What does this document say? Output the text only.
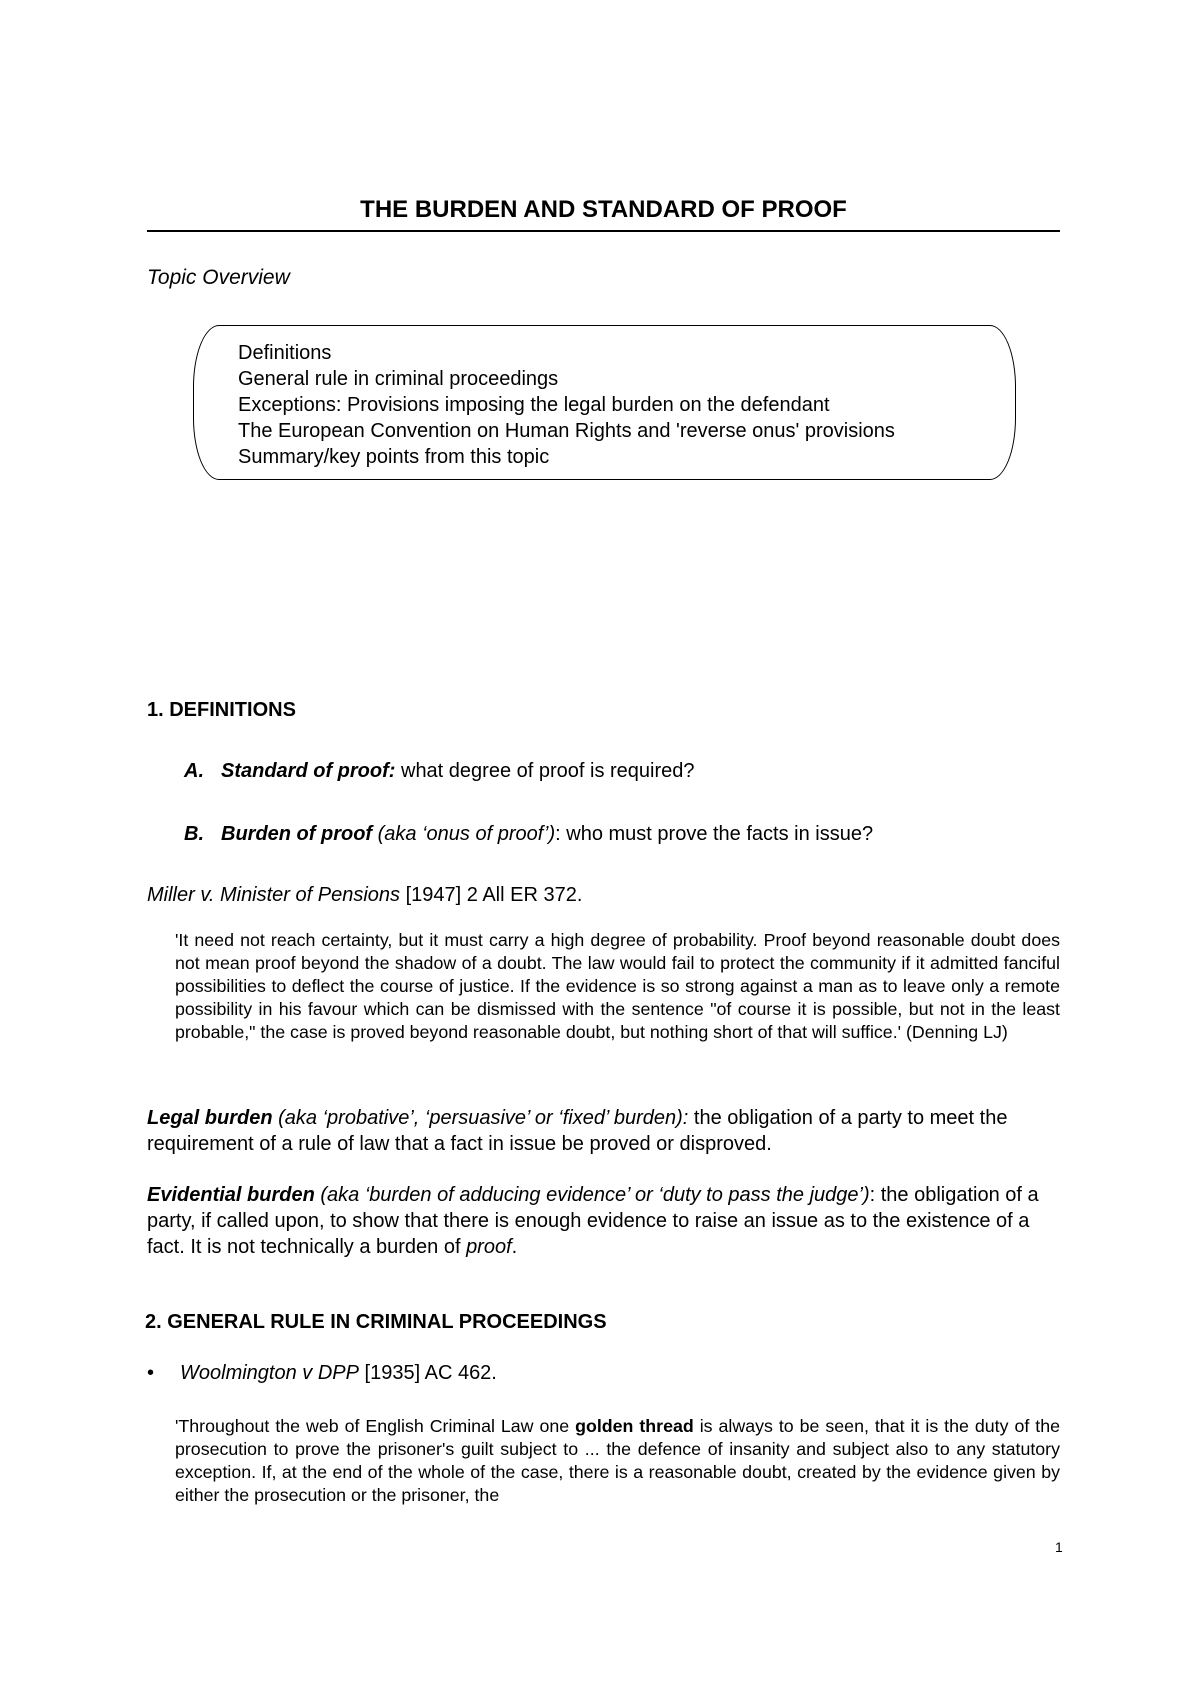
THE BURDEN AND STANDARD OF PROOF
Topic Overview
Definitions
General rule in criminal proceedings
Exceptions: Provisions imposing the legal burden on the defendant
The European Convention on Human Rights and 'reverse onus' provisions
Summary/key points from this topic
1. DEFINITIONS
A. Standard of proof: what degree of proof is required?
B. Burden of proof (aka ‘onus of proof’): who must prove the facts in issue?
Miller v. Minister of Pensions [1947] 2 All ER 372.
'It need not reach certainty, but it must carry a high degree of probability. Proof beyond reasonable doubt does not mean proof beyond the shadow of a doubt. The law would fail to protect the community if it admitted fanciful possibilities to deflect the course of justice. If the evidence is so strong against a man as to leave only a remote possibility in his favour which can be dismissed with the sentence "of course it is possible, but not in the least probable," the case is proved beyond reasonable doubt, but nothing short of that will suffice.' (Denning LJ)
Legal burden (aka ‘probative’, ‘persuasive’ or ‘fixed’ burden): the obligation of a party to meet the requirement of a rule of law that a fact in issue be proved or disproved.
Evidential burden (aka ‘burden of adducing evidence’ or ‘duty to pass the judge’): the obligation of a party, if called upon, to show that there is enough evidence to raise an issue as to the existence of a fact. It is not technically a burden of proof.
2. GENERAL RULE IN CRIMINAL PROCEEDINGS
• Woolmington v DPP [1935] AC 462.
'Throughout the web of English Criminal Law one golden thread is always to be seen, that it is the duty of the prosecution to prove the prisoner's guilt subject to ... the defence of insanity and subject also to any statutory exception. If, at the end of the whole of the case, there is a reasonable doubt, created by the evidence given by either the prosecution or the prisoner, the
1
